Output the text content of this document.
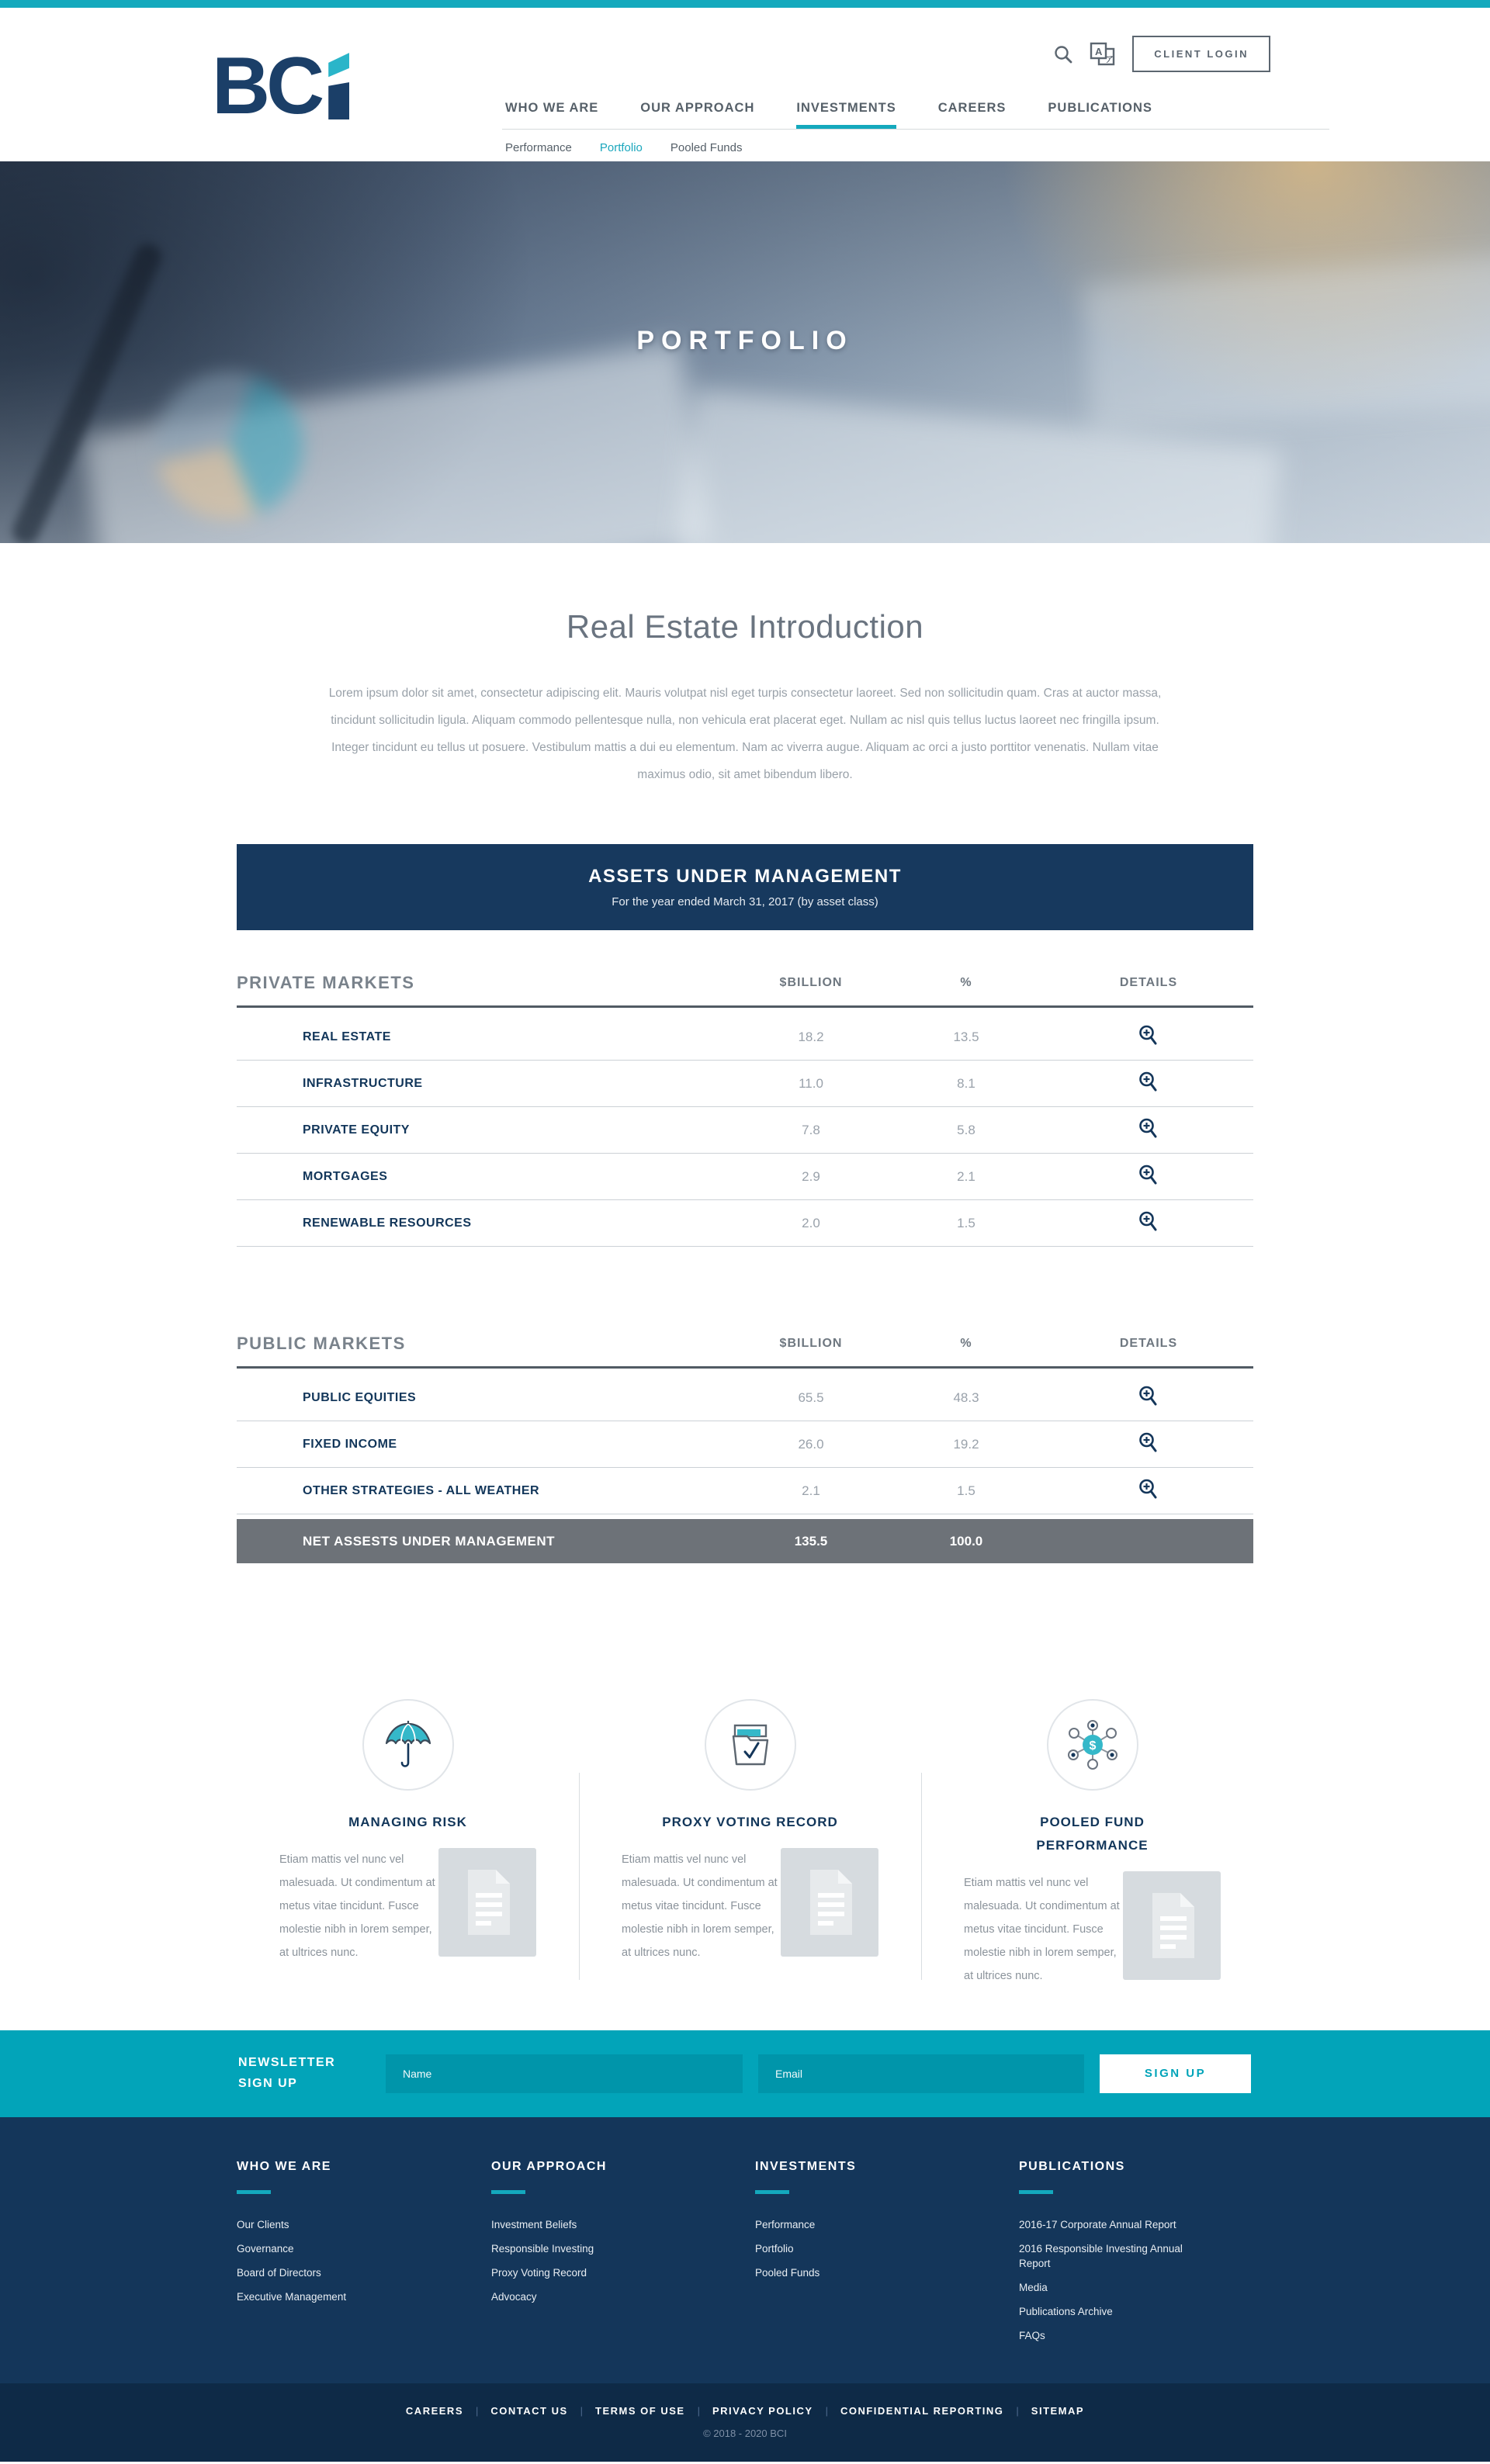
BC	A
ア	CLIENT LOGIN
WHO WE ARE	OUR APPROACH	INVESTMENTS	CAREERS	PUBLICATIONS
Performance Portfolio Pooled Funds
PORTFOLIO
Real Estate Introduction

Lorem ipsum dolor sit amet, consectetur adipiscing elit. Mauris volutpat nisl eget turpis consectetur laoreet. Sed non sollicitudin quam. Cras at auctor massa, tincidunt sollicitudin ligula. Aliquam commodo pellentesque nulla, non vehicula erat placerat eget. Nullam ac nisl quis tellus luctus laoreet nec fringilla ipsum. Integer tincidunt eu tellus ut posuere. Vestibulum mattis a dui eu elementum. Nam ac viverra augue. Aliquam ac orci a justo porttitor venenatis. Nullam vitae maximus odio, sit amet bibendum libero.

ASSETS UNDER MANAGEMENT
For the year ended March 31, 2017 (by asset class)
PRIVATE MARKETS	$BILLION	%	DETAILS
REAL ESTATE	18.2	13.5
INFRASTRUCTURE	11.0	8.1
PRIVATE EQUITY	7.8	5.8
MORTGAGES	2.9	2.1
RENEWABLE RESOURCES	2.0	1.5
PUBLIC MARKETS	$BILLION	%	DETAILS
PUBLIC EQUITIES	65.5	48.3
FIXED INCOME	26.0	19.2
OTHER STRATEGIES - ALL WEATHER	2.1	1.5
NET ASSESTS UNDER MANAGEMENT	135.5	100.0
MANAGING RISK

Etiam mattis vel nunc vel malesuada. Ut condimentum at metus vitae tincidunt. Fusce molestie nibh in lorem semper, at ultrices nunc.

PROXY VOTING RECORD

Etiam mattis vel nunc vel malesuada. Ut condimentum at metus vitae tincidunt. Fusce molestie nibh in lorem semper, at ultrices nunc.

$
POOLED FUND PERFORMANCE

Etiam mattis vel nunc vel malesuada. Ut condimentum at metus vitae tincidunt. Fusce molestie nibh in lorem semper, at ultrices nunc.

NEWSLETTER
SIGN UP
Name
Email
SIGN UP
WHO WE ARE
Our Clients
Governance
Board of Directors
Executive Management
OUR APPROACH
Investment Beliefs
Responsible Investing
Proxy Voting Record
Advocacy
INVESTMENTS
Performance
Portfolio
Pooled Funds
PUBLICATIONS
2016-17 Corporate Annual Report
2016 Responsible Investing Annual Report
Media
Publications Archive
FAQs
CAREERS | CONTACT US | TERMS OF USE | PRIVACY POLICY | CONFIDENTIAL REPORTING | SITEMAP
© 2018 - 2020 BCI
